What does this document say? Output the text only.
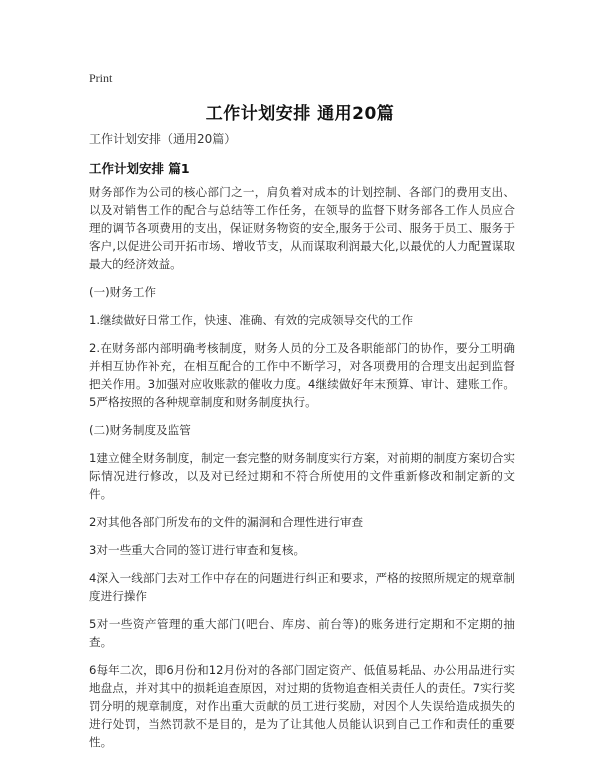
Print
工作计划安排 通用20篇
工作计划安排（通用20篇）
工作计划安排 篇1

财务部作为公司的核心部门之一，肩负着对成本的计划控制、各部门的费用支出、以及对销售工作的配合与总结等工作任务，在领导的监督下财务部各工作人员应合理的调节各项费用的支出，保证财务物资的安全,服务于公司、服务于员工、服务于客户,以促进公司开拓市场、增收节支，从而谋取利润最大化,以最优的人力配置谋取最大的经济效益。

(一)财务工作

1.继续做好日常工作，快速、准确、有效的完成领导交代的工作

2.在财务部内部明确考核制度，财务人员的分工及各职能部门的协作，要分工明确并相互协作补充，在相互配合的工作中不断学习，对各项费用的合理支出起到监督把关作用。3加强对应收账款的催收力度。4继续做好年末预算、审计、建账工作。5严格按照的各种规章制度和财务制度执行。

(二)财务制度及监管

1建立健全财务制度，制定一套完整的财务制度实行方案，对前期的制度方案切合实际情况进行修改，以及对已经过期和不符合所使用的文件重新修改和制定新的文件。

2对其他各部门所发布的文件的漏洞和合理性进行审查

3对一些重大合同的签订进行审查和复核。

4深入一线部门去对工作中存在的问题进行纠正和要求，严格的按照所规定的规章制度进行操作

5对一些资产管理的重大部门(吧台、库房、前台等)的账务进行定期和不定期的抽查。

6每年二次，即6月份和12月份对的各部门固定资产、低值易耗品、办公用品进行实地盘点，并对其中的损耗追查原因，对过期的货物追查相关责任人的责任。7实行奖罚分明的规章制度，对作出重大贡献的员工进行奖励，对因个人失误给造成损失的进行处罚，当然罚款不是目的，是为了让其他人员能认识到自己工作和责任的重要性。
